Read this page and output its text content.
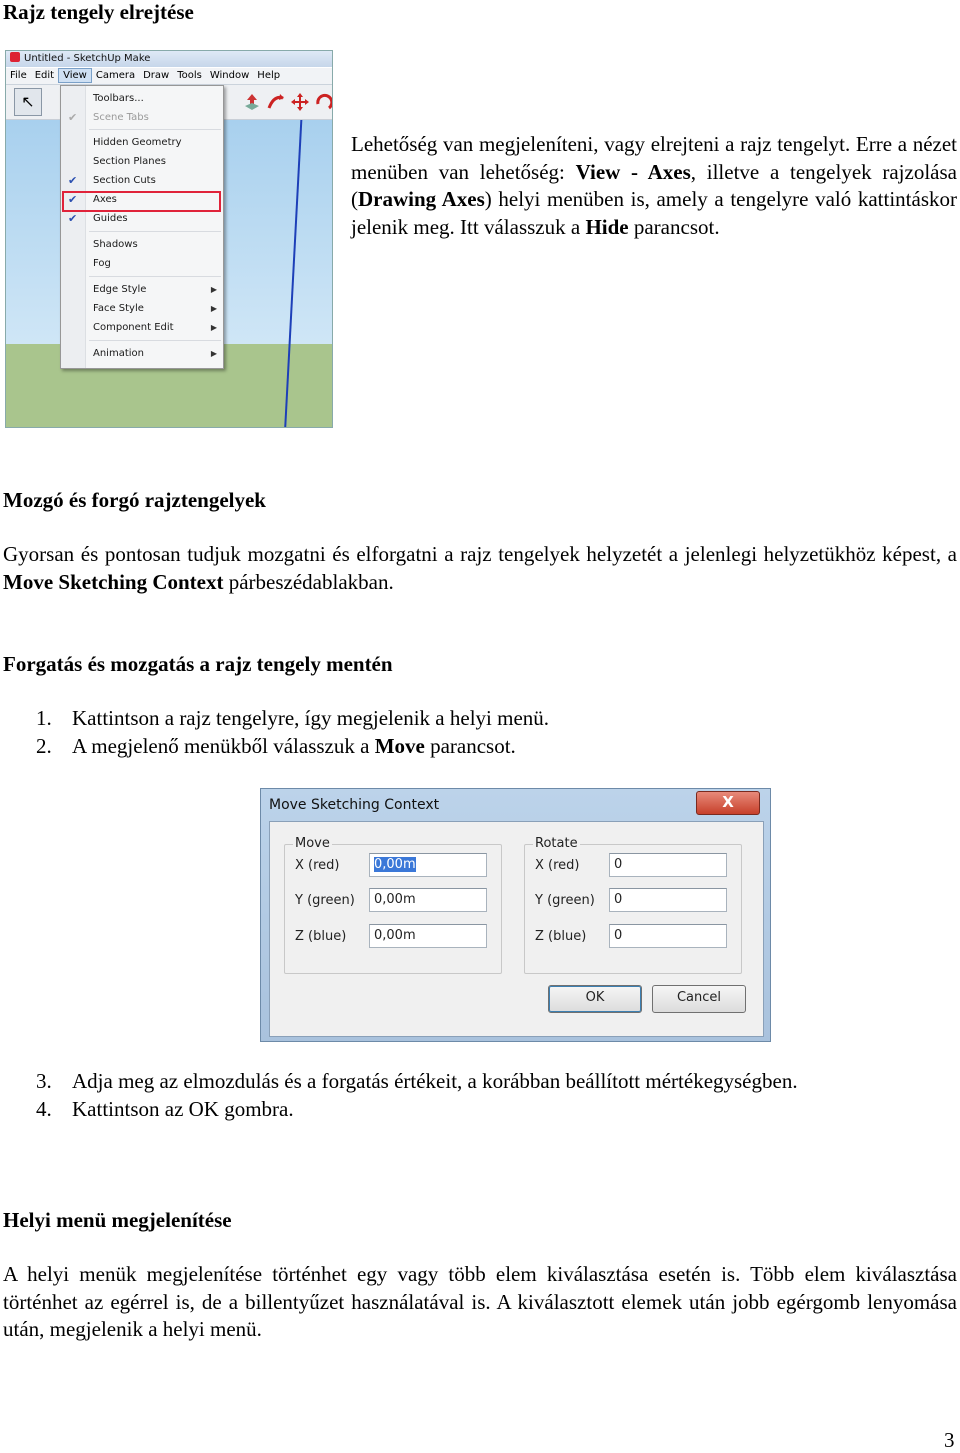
Rajz tengely elrejtése
Untitled - SketchUp Make
File Edit View Camera Draw Tools Window Help
↖	Toolbars...
Scene Tabs
✔
Hidden Geometry
Section Planes
Section Cuts
✔
Axes
✔
Guides
✔
Shadows
Fog
Edge Style	▶
Face Style	▶
Component Edit	▶
Animation	▶
Lehetőség van megjeleníteni, vagy elrejteni a rajz tengelyt. Erre a nézet menüben van lehetőség: View - Axes, illetve a tengelyek rajzolása (Drawing Axes) helyi menüben is, amely a tengelyre való kattintáskor jelenik meg. Itt válasszuk a Hide parancsot.
Mozgó és forgó rajztengelyek
Gyorsan és pontosan tudjuk mozgatni és elforgatni a rajz tengelyek helyzetét a jelenlegi helyzetükhöz képest, a Move Sketching Context párbeszédablakban.
Forgatás és mozgatás a rajz tengely mentén
1. Kattintson a rajz tengelyre, így megjelenik a helyi menü.
2. A megjelenő menükből válasszuk a Move parancsot.
Move Sketching Context	X
Move
X (red)	0,00m
Y (green)	0,00m
Z (blue)	0,00m
Rotate
X (red)	0
Y (green)	0
Z (blue)	0
OK	Cancel
3. Adja meg az elmozdulás és a forgatás értékeit, a korábban beállított mértékegységben.
4. Kattintson az OK gombra.
Helyi menü megjelenítése
A helyi menük megjelenítése történhet egy vagy több elem kiválasztása esetén is. Több elem kiválasztása történhet az egérrel is, de a billentyűzet használatával is. A kiválasztott elemek után jobb egérgomb lenyomása után, megjelenik a helyi menü.
3
